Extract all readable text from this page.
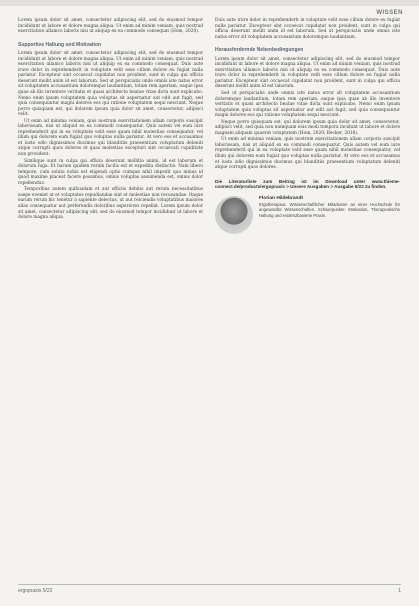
WISSEN

Lorem ipsum dolor sit amet, consectetur adipiscing elit, sed do eiusmod tempor incididunt ut labore et dolore magna aliqua. Ut enim ad minim veniam, quis nostrud exercitation ullamco laboris nisi ut aliquip ex ea commodo consequat (Hom, 2020).

Supportive Haltung und Motivation

Lorem ipsum dolor sit amet, consectetur adipiscing elit, sed do eiusmod tempor incididunt ut labore et dolore magna aliqua. Ut enim ad minim veniam, quis nostrud exercitation ullamco laboris nisi ut aliquip ex ea commodo consequat. Duis aute irure dolor in reprehenderit in voluptate velit esse cillum dolore eu fugiat nulla pariatur. Excepteur sint occaecat cupidatat non proident, sunt in culpa qui officia deserunt mollit anim id est laborum. Sed ut perspiciatis unde omnis iste natus error sit voluptatem accusantium doloremque laudantium, totam rem aperiam, eaque ipsa quae ab illo inventore veritatis et quasi architecto beatae vitae dicta sunt explicabo. Nemo enim ipsam voluptatem quia voluptas sit aspernatur aut odit aut fugit, sed quia consequuntur magni dolores eos qui ratione voluptatem sequi nesciunt. Neque porro quisquam est, qui dolorem ipsum quia dolor sit amet, consectetur, adipisci velit.

Ut enim ad minima veniam, quis nostrum exercitationem ullam corporis suscipit laboriosam, nisi ut aliquid ex ea commodi consequatur. Quis autem vel eum iure reprehenderit qui in ea voluptate velit esse quam nihil molestiae consequatur, vel illum qui dolorem eum fugiat quo voluptas nulla pariatur. At vero eos et accusamus et iusto odio dignissimos ducimus qui blanditiis praesentium voluptatum deleniti atque corrupti quos dolores et quas molestias excepturi sint occaecati cupiditate non provident.

Similique sunt in culpa qui officia deserunt mollitia animi, id est laborum et dolorum fuga. Et harum quidem rerum facilis est et expedita distinctio. Nam libero tempore, cum soluta nobis est eligendi optio cumque nihil impedit quo minus id quod maxime placeat facere possimus, omnis voluptas assumenda est, omnis dolor repellendus.

Temporibus autem quibusdam et aut officiis debitis aut rerum necessitatibus saepe eveniet ut et voluptates repudiandae sint et molestiae non recusandae. Itaque earum rerum hic tenetur a sapiente delectus, ut aut reiciendis voluptatibus maiores alias consequatur aut perferendis doloribus asperiores repellat. Lorem ipsum dolor sit amet, consectetur adipiscing elit, sed do eiusmod tempor incididunt ut labore et dolore magna aliqua.

Duis aute irure dolor in reprehenderit in voluptate velit esse cillum dolore eu fugiat nulla pariatur. Excepteur sint occaecat cupidatat non proident, sunt in culpa qui officia deserunt mollit anim id est laborum. Sed ut perspiciatis unde omnis iste natus error sit voluptatem accusantium doloremque laudantium.

Herausfordernde Nebenbedingungen

Lorem ipsum dolor sit amet, consectetur adipiscing elit, sed do eiusmod tempor incididunt ut labore et dolore magna aliqua. Ut enim ad minim veniam, quis nostrud exercitation ullamco laboris nisi ut aliquip ex ea commodo consequat. Duis aute irure dolor in reprehenderit in voluptate velit esse cillum dolore eu fugiat nulla pariatur. Excepteur sint occaecat cupidatat non proident, sunt in culpa qui officia deserunt mollit anim id est laborum.

Sed ut perspiciatis unde omnis iste natus error sit voluptatem accusantium doloremque laudantium, totam rem aperiam, eaque ipsa quae ab illo inventore veritatis et quasi architecto beatae vitae dicta sunt explicabo. Nemo enim ipsam voluptatem quia voluptas sit aspernatur aut odit aut fugit, sed quia consequuntur magni dolores eos qui ratione voluptatem sequi nesciunt.

Neque porro quisquam est, qui dolorem ipsum quia dolor sit amet, consectetur, adipisci velit, sed quia non numquam eius modi tempora incidunt ut labore et dolore magnam aliquam quaerat voluptatem (Hom, 2020; Becker, 2018).

Ut enim ad minima veniam, quis nostrum exercitationem ullam corporis suscipit laboriosam, nisi ut aliquid ex ea commodi consequatur. Quis autem vel eum iure reprehenderit qui in ea voluptate velit esse quam nihil molestiae consequatur, vel illum qui dolorem eum fugiat quo voluptas nulla pariatur. At vero eos et accusamus et iusto odio dignissimos ducimus qui blanditiis praesentium voluptatum deleniti atque corrupti quos dolores.

Die Literaturliste zum Beitrag ist im Download unter www.thieme-connect.de/products/ergopraxis > Unsere Ausgaben > Ausgabe 5/22 zu finden.
Florian Hildebrandt
Ergotherapeut, Wissenschaftlicher Mitarbeiter an einer Hochschule für angewandte Wissenschaften. Schwerpunkte: Motivation, Therapeutische Haltung und evidenzbasierte Praxis.
ergopraxis 5/22	1
